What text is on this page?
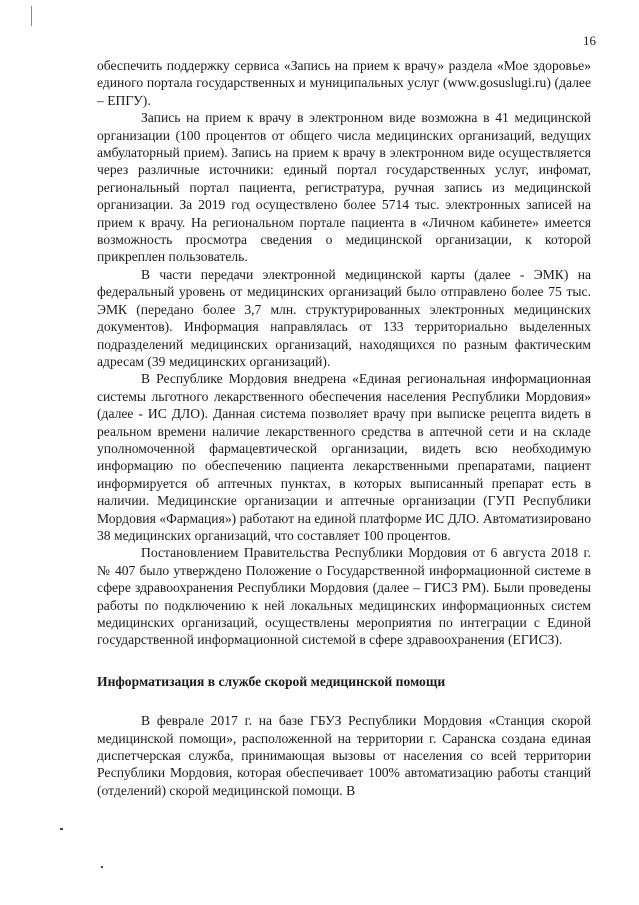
16

обеспечить поддержку сервиса «Запись на прием к врачу» раздела «Мое здоровье» единого портала государственных и муниципальных услуг (www.gosuslugi.ru) (далее – ЕПГУ).

Запись на прием к врачу в электронном виде возможна в 41 медицинской организации (100 процентов от общего числа медицинских организаций, ведущих амбулаторный прием). Запись на прием к врачу в электронном виде осуществляется через различные источники: единый портал государственных услуг, инфомат, региональный портал пациента, регистратура, ручная запись из медицинской организации. За 2019 год осуществлено более 5714 тыс. электронных записей на прием к врачу. На региональном портале пациента в «Личном кабинете» имеется возможность просмотра сведения о медицинской организации, к которой прикреплен пользователь.

В части передачи электронной медицинской карты (далее - ЭМК) на федеральный уровень от медицинских организаций было отправлено более 75 тыс. ЭМК (передано более 3,7 млн. структурированных электронных медицинских документов). Информация направлялась от 133 территориально выделенных подразделений медицинских организаций, находящихся по разным фактическим адресам (39 медицинских организаций).

В Республике Мордовия внедрена «Единая региональная информационная системы льготного лекарственного обеспечения населения Республики Мордовия» (далее - ИС ДЛО). Данная система позволяет врачу при выписке рецепта видеть в реальном времени наличие лекарственного средства в аптечной сети и на складе уполномоченной фармацевтической организации, видеть всю необходимую информацию по обеспечению пациента лекарственными препаратами, пациент информируется об аптечных пунктах, в которых выписанный препарат есть в наличии. Медицинские организации и аптечные организации (ГУП Республики Мордовия «Фармация») работают на единой платформе ИС ДЛО. Автоматизировано 38 медицинских организаций, что составляет 100 процентов.

Постановлением Правительства Республики Мордовия от 6 августа 2018 г. № 407 было утверждено Положение о Государственной информационной системе в сфере здравоохранения Республики Мордовия (далее – ГИСЗ РМ). Были проведены работы по подключению к ней локальных медицинских информационных систем медицинских организаций, осуществлены мероприятия по интеграции с Единой государственной информационной системой в сфере здравоохранения (ЕГИСЗ).

Информатизация в службе скорой медицинской помощи

В феврале 2017 г. на базе ГБУЗ Республики Мордовия «Станция скорой медицинской помощи», расположенной на территории г. Саранска создана единая диспетчерская служба, принимающая вызовы от населения со всей территории Республики Мордовия, которая обеспечивает 100% автоматизацию работы станций (отделений) скорой медицинской помощи. В
